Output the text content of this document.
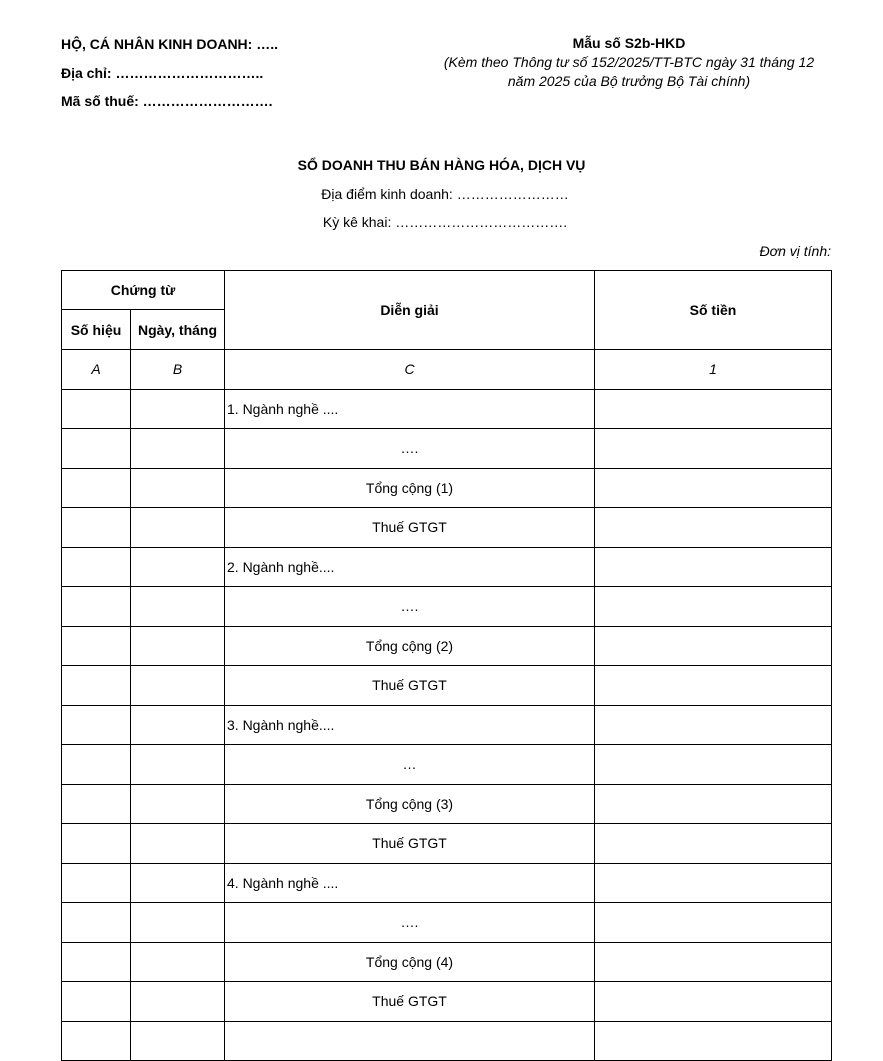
HỘ, CÁ NHÂN KINH DOANH: …..
Địa chỉ: …………………………..
Mã số thuế: ……………………….
Mẫu số S2b-HKD
(Kèm theo Thông tư số 152/2025/TT-BTC ngày 31 tháng 12
năm 2025 của Bộ trưởng Bộ Tài chính)
SỔ DOANH THU BÁN HÀNG HÓA, DỊCH VỤ
Địa điểm kinh doanh: ……………………
Kỳ kê khai: ……………………………….
Đơn vị tính:
Chứng từ		Diễn giải	Số tiền
Số hiệu	Ngày, tháng		
A	B	C	1
		1. Ngành nghề ....	
		….	
		Tổng cộng (1)	
		Thuế GTGT	
		2. Ngành nghề....	
		….	
		Tổng cộng (2)	
		Thuế GTGT	
		3. Ngành nghề....	
		…	
		Tổng cộng (3)	
		Thuế GTGT	
		4. Ngành nghề ....	
		….	
		Tổng cộng (4)	
		Thuế GTGT	
